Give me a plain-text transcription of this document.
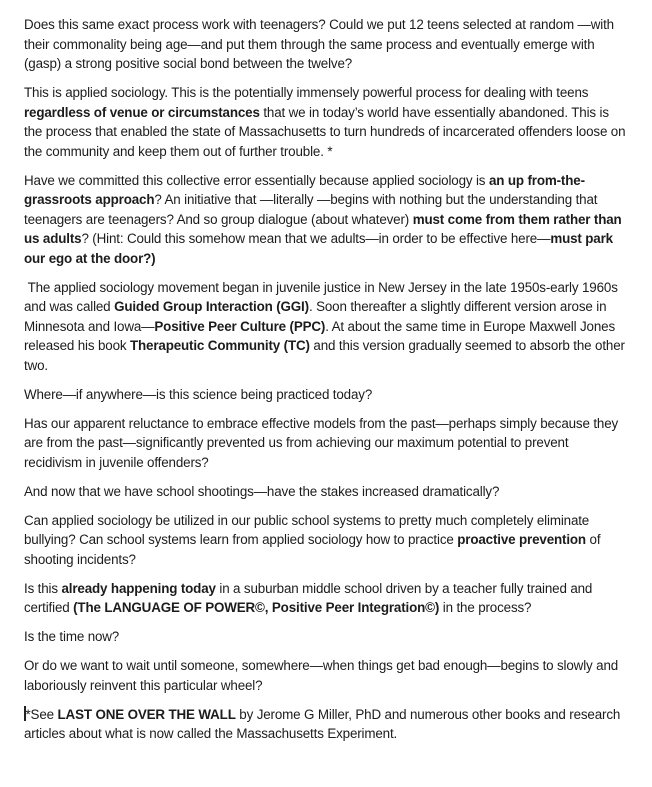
Does this same exact process work with teenagers? Could we put 12 teens selected at random —with their commonality being age—and put them through the same process and eventually emerge with (gasp) a strong positive social bond between the twelve?

This is applied sociology. This is the potentially immensely powerful process for dealing with teens regardless of venue or circumstances that we in today’s world have essentially abandoned. This is the process that enabled the state of Massachusetts to turn hundreds of incarcerated offenders loose on the community and keep them out of further trouble. *

Have we committed this collective error essentially because applied sociology is an up from-the-grassroots approach? An initiative that —literally —begins with nothing but the understanding that teenagers are teenagers? And so group dialogue (about whatever) must come from them rather than us adults? (Hint: Could this somehow mean that we adults—in order to be effective here—must park our ego at the door?)

The applied sociology movement began in juvenile justice in New Jersey in the late 1950s-early 1960s and was called Guided Group Interaction (GGI). Soon thereafter a slightly different version arose in Minnesota and Iowa—Positive Peer Culture (PPC). At about the same time in Europe Maxwell Jones released his book Therapeutic Community (TC) and this version gradually seemed to absorb the other two.

Where—if anywhere—is this science being practiced today?

Has our apparent reluctance to embrace effective models from the past—perhaps simply because they are from the past—significantly prevented us from achieving our maximum potential to prevent recidivism in juvenile offenders?

And now that we have school shootings—have the stakes increased dramatically?

Can applied sociology be utilized in our public school systems to pretty much completely eliminate bullying? Can school systems learn from applied sociology how to practice proactive prevention of shooting incidents?

Is this already happening today in a suburban middle school driven by a teacher fully trained and certified (The LANGUAGE OF POWER©, Positive Peer Integration©) in the process?

Is the time now?

Or do we want to wait until someone, somewhere—when things get bad enough—begins to slowly and laboriously reinvent this particular wheel?

*See LAST ONE OVER THE WALL by Jerome G Miller, PhD and numerous other books and research articles about what is now called the Massachusetts Experiment.
